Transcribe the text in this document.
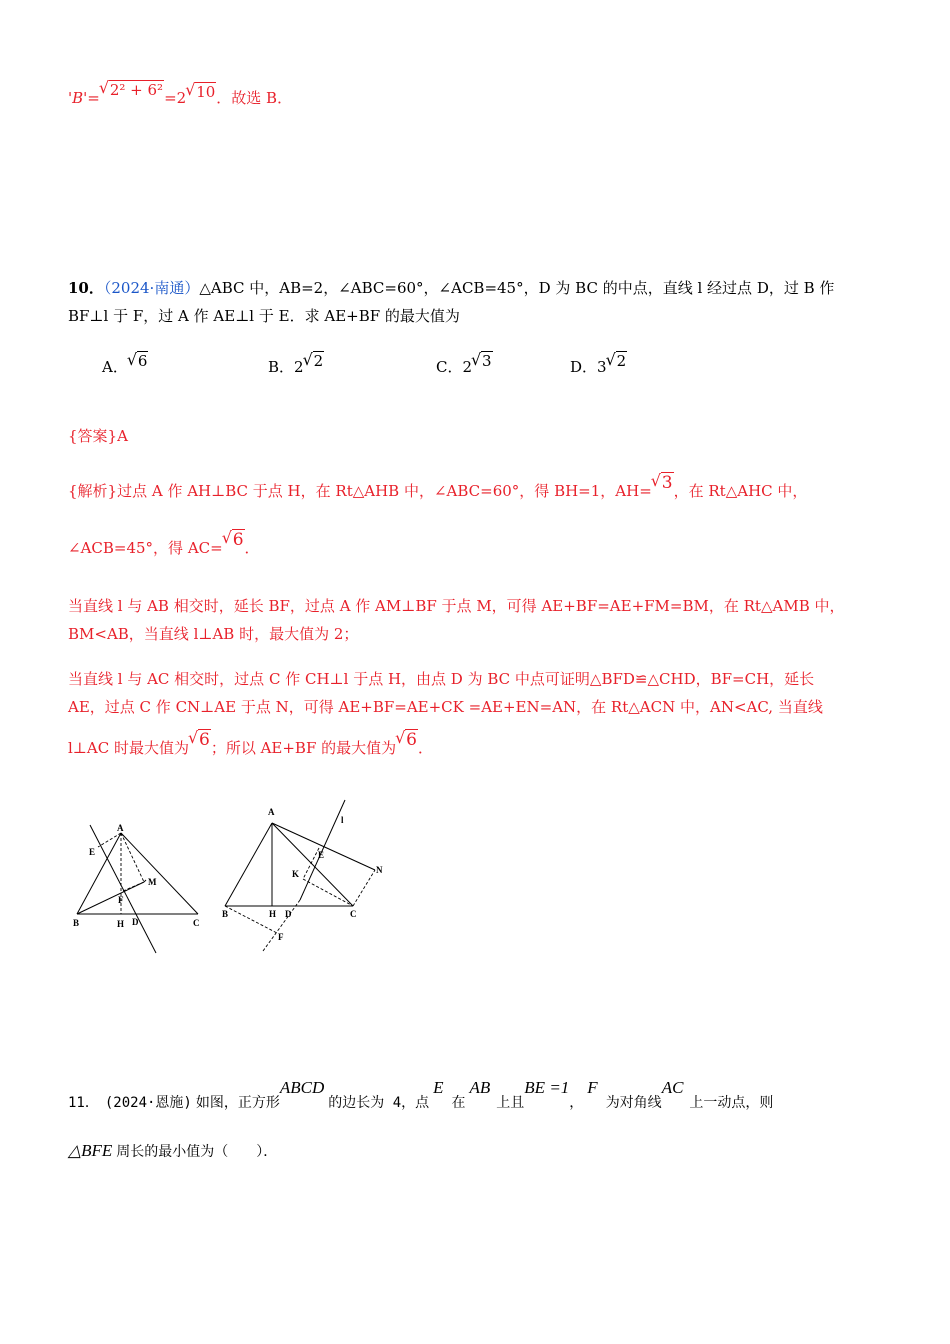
'B'= √ 2² + 6²=2 √ 10．故选 B．
10．（2024·南通）△ABC 中，AB=2，∠ABC=60°，∠ACB=45°，D 为 BC 的中点，直线 l 经过点 D，过 B 作
BF⊥l 于 F，过 A 作 AE⊥l 于 E．求 AE+BF 的最大值为
A． √ 6	B．2 √ 2	C．2 √ 3	D．3 √ 2
{答案}A
{解析}过点 A 作 AH⊥BC 于点 H，在 Rt△AHB 中，∠ABC=60°，得 BH=1，AH= √ 3，在 Rt△AHC 中，
∠ACB=45°，得 AC= √ 6．
当直线 l 与 AB 相交时，延长 BF，过点 A 作 AM⊥BF 于点 M，可得 AE+BF=AE+FM=BM，在 Rt△AMB 中，
BM<AB，当直线 l⊥AB 时，最大值为 2；
当直线 l 与 AC 相交时，过点 C 作 CH⊥l 于点 H，由点 D 为 BC 中点可证明△BFD≌△CHD，BF=CH，延长
AE，过点 C 作 CN⊥AE 于点 N，可得 AE+BF=AE+CK =AE+EN=AN，在 Rt△ACN 中，AN<AC, 当直线
l⊥AC 时最大值为 √ 6；所以 AE+BF 的最大值为 √ 6．
A
E
M
F
B	H D	C
A
l
E
N
K
B	H D	C
F
11． (2024·恩施) 如图，正方形ABCD的边长为 4，点E在AB上且BE =1，F为对角线AC上一动点，则
△BFE 周长的最小值为（　　）．
